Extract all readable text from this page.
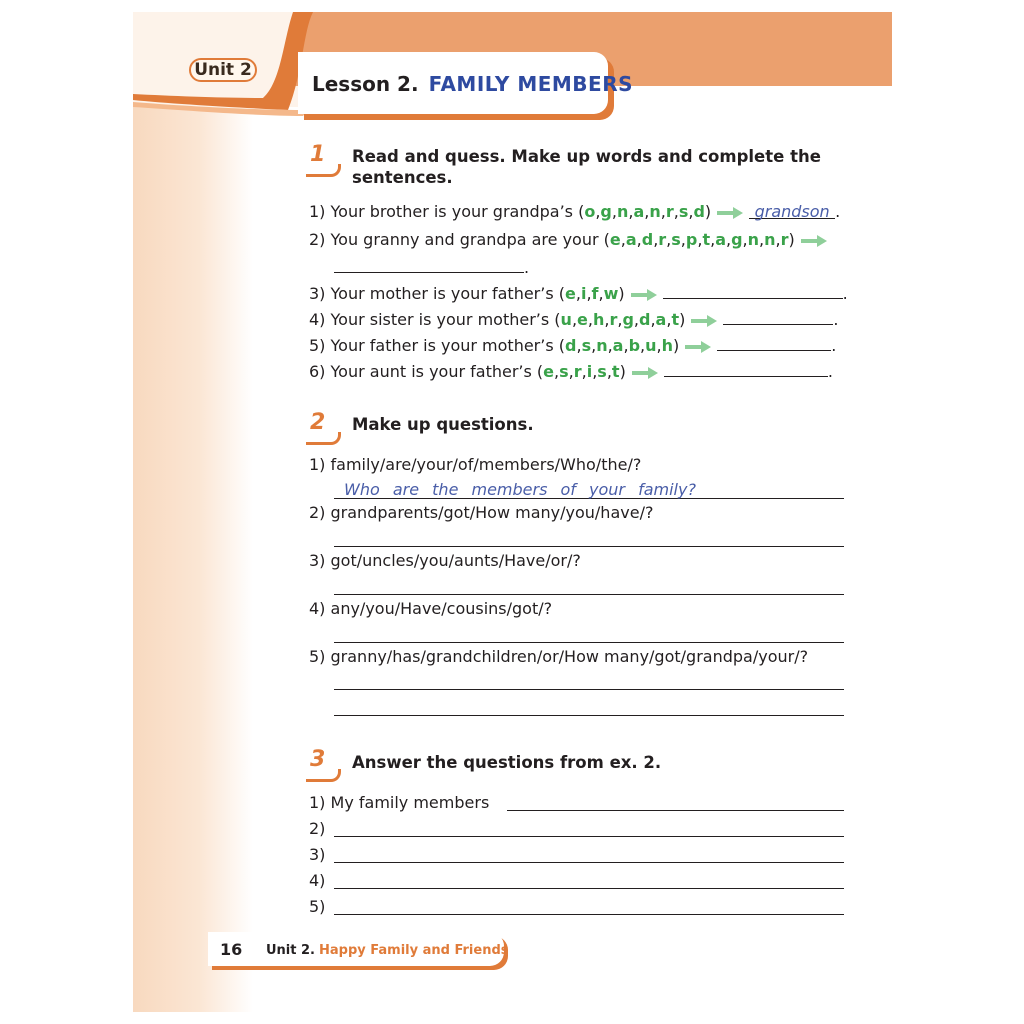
Unit 2
Lesson 2. FAMILY MEMBERS
1	Read and quess. Make up words and complete the sentences.
1) Your brother is your grandpa’s (o,g,n,a,n,r,s,d)	grandson .
2) You granny and grandpa are your (e,a,d,r,s,p,t,a,g,n,n,r)
3) Your mother is your father’s (e,i,f,w)	.
4) Your sister is your mother’s (u,e,h,r,g,d,a,t)	.
5) Your father is your mother’s (d,s,n,a,b,u,h)	.
6) Your aunt is your father’s (e,s,r,i,s,t)	.
.
2	Make up questions.
1) family/are/your/of/members/Who/the/?
Who are the members of your family?
2) grandparents/got/How many/you/have/?
3) got/uncles/you/aunts/Have/or/?
4) any/you/Have/cousins/got/?
5) granny/has/grandchildren/or/How many/got/grandpa/your/?
3	Answer the questions from ex. 2.
1) My family members
2)
3)
4)
5)
16 Unit 2. Happy Family and Friends
